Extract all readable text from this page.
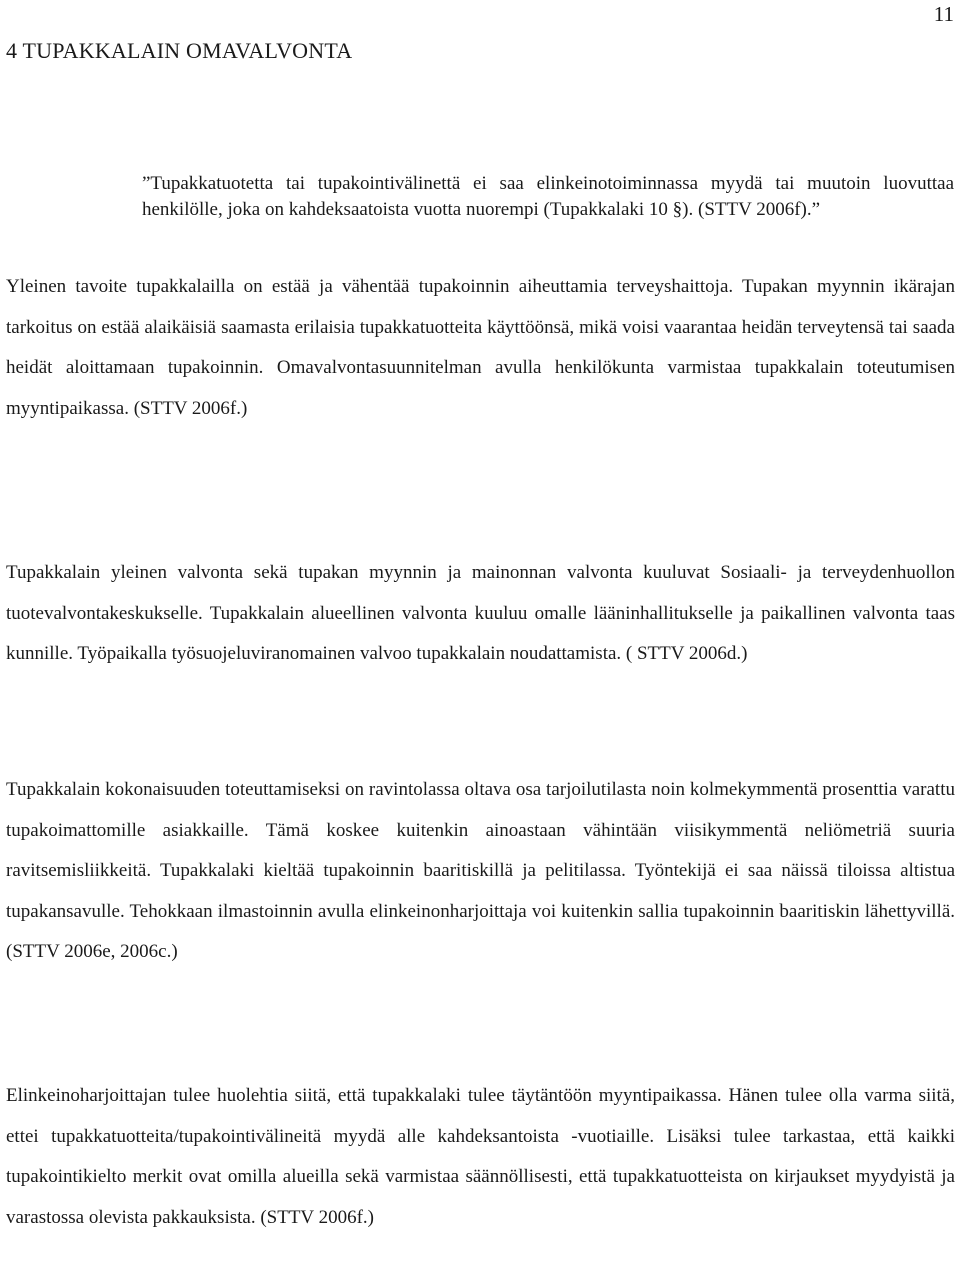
11
4 TUPAKKALAIN OMAVALVONTA

”Tupakkatuotetta tai tupakointivälinettä ei saa elinkeinotoiminnassa myydä tai muutoin luovuttaa henkilölle, joka on kahdeksaatoista vuotta nuorempi (Tupakkalaki 10 §). (STTV 2006f).”

Yleinen tavoite tupakkalailla on estää ja vähentää tupakoinnin aiheuttamia terveyshaittoja. Tupakan myynnin ikärajan tarkoitus on estää alaikäisiä saamasta erilaisia tupakkatuotteita käyttöönsä, mikä voisi vaarantaa heidän terveytensä tai saada heidät aloittamaan tupakoinnin. Omavalvontasuunnitelman avulla henkilökunta varmistaa tupakkalain toteutumisen myyntipaikassa. (STTV 2006f.)

Tupakkalain yleinen valvonta sekä tupakan myynnin ja mainonnan valvonta kuuluvat Sosiaali- ja terveydenhuollon tuotevalvontakeskukselle. Tupakkalain alueellinen valvonta kuuluu omalle lääninhallitukselle ja paikallinen valvonta taas kunnille. Työpaikalla työsuojeluviranomainen valvoo tupakkalain noudattamista. ( STTV 2006d.)

Tupakkalain kokonaisuuden toteuttamiseksi on ravintolassa oltava osa tarjoilutilasta noin kolmekymmentä prosenttia varattu tupakoimattomille asiakkaille. Tämä koskee kuitenkin ainoastaan vähintään viisikymmentä neliömetriä suuria ravitsemisliikkeitä. Tupakkalaki kieltää tupakoinnin baaritiskillä ja pelitilassa. Työntekijä ei saa näissä tiloissa altistua tupakansavulle. Tehokkaan ilmastoinnin avulla elinkeinonharjoittaja voi kuitenkin sallia tupakoinnin baaritiskin lähettyvillä. (STTV 2006e, 2006c.)

Elinkeinoharjoittajan tulee huolehtia siitä, että tupakkalaki tulee täytäntöön myyntipaikassa. Hänen tulee olla varma siitä, ettei tupakkatuotteita/tupakointivälineitä myydä alle kahdeksantoista -vuotiaille. Lisäksi tulee tarkastaa, että kaikki tupakointikielto merkit ovat omilla alueilla sekä varmistaa säännöllisesti, että tupakkatuotteista on kirjaukset myydyistä ja varastossa olevista pakkauksista. (STTV 2006f.)
